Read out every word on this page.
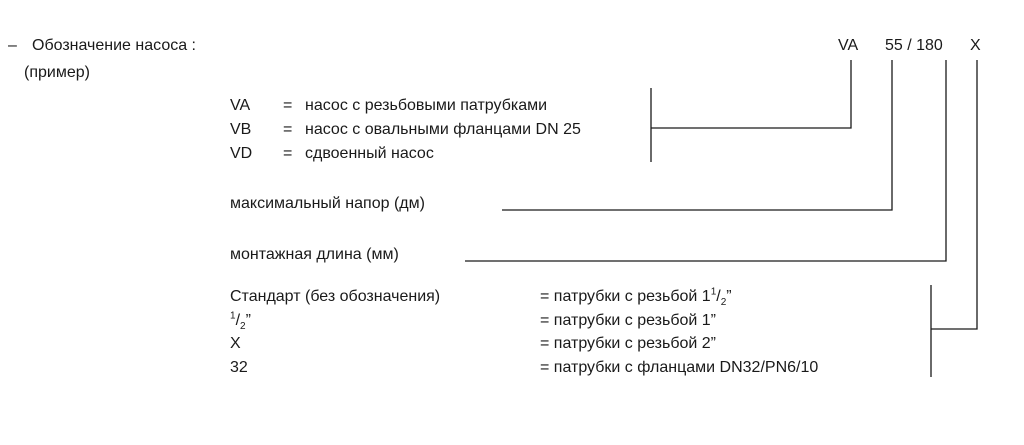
– Обозначение насоса :
(пример)
VA 55 / 180 X
VA = насос с резьбовыми патрубками
VB = насос с овальными фланцами DN 25
VD = сдвоенный насос
максимальный напор (дм)
монтажная длина (мм)
Стандарт (без обозначения)	= патрубки с резьбой $1^1/_2$”
$^1/_2$”	= патрубки с резьбой 1”
X	= патрубки с резьбой 2”
32	= патрубки с фланцами DN32/PN6/10
